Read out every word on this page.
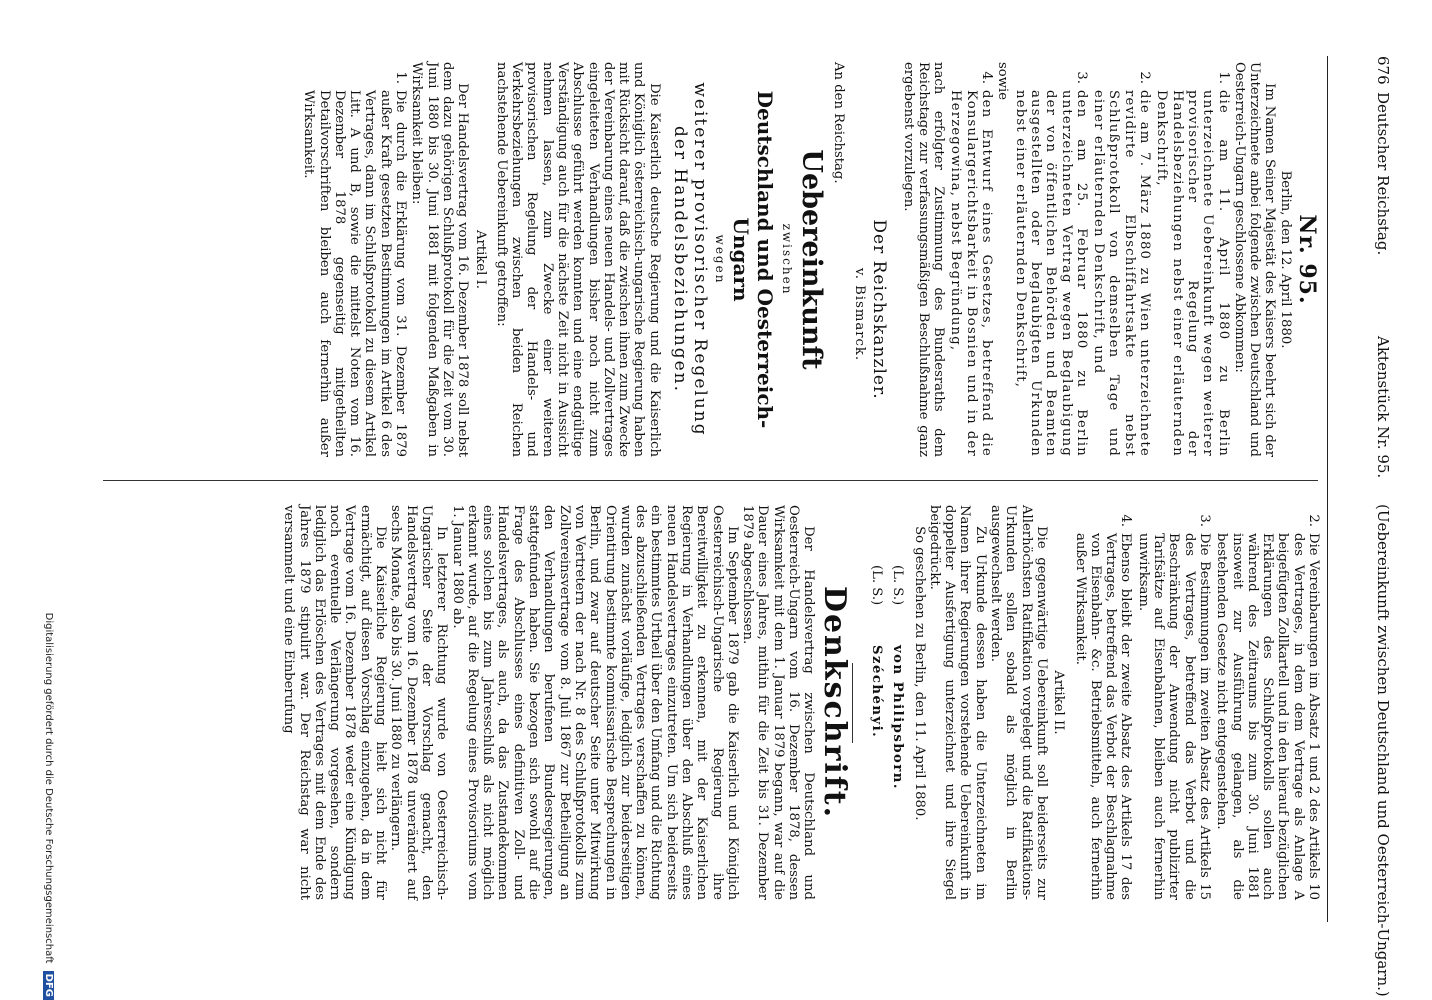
676
Deutscher Reichstag.
Aktenstück Nr. 95.
(Uebereinkunft zwischen Deutschland und Oesterreich-Ungarn.)
Nr. 95.

Berlin, den 12. April 1880.

Im Namen Seiner Majestät des Kaisers beehrt sich der Unterzeichnete anbei folgende zwischen Deutschland und Oesterreich-Ungarn geschlossene Abkommen:

1.
die am 11. April 1880 zu Berlin unterzeichnete Uebereinkunft wegen weiterer provisorischer Regelung der Handelsbeziehungen nebst einer erläuternden Denkschrift,
2.
die am 7. März 1880 zu Wien unterzeichnete revidirte Elbschiffahrtsakte nebst Schlußprotokoll von demselben Tage und einer erläuternden Denkschrift, und
3.
den am 25. Februar 1880 zu Berlin unterzeichneten Vertrag wegen Beglaubigung der von öffentlichen Behörden und Beamten ausgestellten oder beglaubigten Urkunden nebst einer erläuternden Denkschrift,

sowie

4.
den Entwurf eines Gesetzes, betreffend die Konsulargerichtsbarkeit in Bosnien und in der Herzegowina, nebst Begründung,

nach erfolgter Zustimmung des Bundesraths dem Reichstage zur verfassungsmäßigen Beschlußnahme ganz ergebenst vorzulegen.

Der Reichskanzler.
v. Bismarck.

An den Reichstag.

Uebereinkunft
zwischen
Deutschland und Oesterreich-Ungarn
wegen
weiterer provisorischer Regelung der Handelsbeziehungen.

Die Kaiserlich deutsche Regierung und die Kaiserlich und Königlich österreichisch-ungarische Regierung haben mit Rücksicht darauf, daß die zwischen ihnen zum Zwecke der Vereinbarung eines neuen Handels- und Zollvertrages eingeleiteten Verhandlungen bisher noch nicht zum Abschlusse geführt werden konnten und eine endgültige Verständigung auch für die nächste Zeit nicht in Aussicht nehmen lassen, zum Zwecke einer weiteren provisorischen Regelung der Handels- und Verkehrsbeziehungen zwischen beiden Reichen nachstehende Uebereinkunft getroffen:

Artikel I.

Der Handelsvertrag vom 16. Dezember 1878 soll nebst dem dazu gehörigen Schlußprotokoll für die Zeit vom 30. Juni 1880 bis 30. Juni 1881 mit folgenden Maßgaben in Wirksamkeit bleiben:

1.
Die durch die Erklärung vom 31. Dezember 1879 außer Kraft gesetzten Bestimmungen im Artikel 6 des Vertrages, dann im Schlußprotokoll zu diesem Artikel Litt. A und B, sowie die mittelst Noten vom 16. Dezember 1878 gegenseitig mitgetheilten Detailvorschriften bleiben auch fernerhin außer Wirksamkeit.
2.
Die Vereinbarungen im Absatz 1 und 2 des Artikels 10 des Vertrages, in dem dem Vertrage als Anlage A beigefügten Zollkartell und in den hierauf bezüglichen Erklärungen des Schlußprotokolls sollen auch während des Zeitraums bis zum 30. Juni 1881 insoweit zur Ausführung gelangen, als die bestehenden Gesetze nicht entgegenstehen.
3.
Die Bestimmungen im zweiten Absatz des Artikels 15 des Vertrages, betreffend das Verbot und die Beschränkung der Anwendung nicht publizirter Tarifsätze auf Eisenbahnen, bleiben auch fernerhin unwirksam.
4.
Ebenso bleibt der zweite Absatz des Artikels 17 des Vertrages, betreffend das Verbot der Beschlagnahme von Eisenbahn- &c. Betriebsmitteln, auch fernerhin außer Wirksamkeit.

Artikel II.

Die gegenwärtige Uebereinkunft soll beiderseits zur Allerhöchsten Ratifikation vorgelegt und die Ratifikations-Urkunden sollen sobald als möglich in Berlin ausgewechselt werden.

Zu Urkunde dessen haben die Unterzeichneten im Namen ihrer Regierungen vorstehende Uebereinkunft in doppelter Ausfertigung unterzeichnet und ihre Siegel beigedrückt.

So geschehen zu Berlin, den 11. April 1880.

(L. S.)
von Philipsborn.
(L. S.)
Széchényi.
Denkschrift.

Der Handelsvertrag zwischen Deutschland und Oesterreich-Ungarn vom 16. Dezember 1878, dessen Wirksamkeit mit dem 1. Januar 1879 begann, war auf die Dauer eines Jahres, mithin für die Zeit bis 31. Dezember 1879 abgeschlossen.

Im September 1879 gab die Kaiserlich und Königlich Oesterreichisch-Ungarische Regierung ihre Bereitwilligkeit zu erkennen, mit der Kaiserlichen Regierung in Verhandlungen über den Abschluß eines neuen Handelsvertrages einzutreten. Um sich beiderseits ein bestimmtes Urtheil über den Umfang und die Richtung des abzuschließenden Vertrages verschaffen zu können, wurden zunächst vorläufige, lediglich zur beiderseitigen Orientirung bestimmte kommissarische Besprechungen in Berlin, und zwar auf deutscher Seite unter Mitwirkung von Vertretern der nach Nr. 8 des Schlußprotokolls zum Zollvereinsvertrage vom 8. Juli 1867 zur Betheiligung an den Verhandlungen berufenen Bundesregierungen, stattgefunden haben. Sie bezogen sich sowohl auf die Frage des Abschlusses eines definitiven Zoll- und Handelsvertrages, als auch, da das Zustandekommen eines solchen bis zum Jahresschluß als nicht möglich erkannt wurde, auf die Regelung eines Provisoriums vom 1. Januar 1880 ab.

In letzterer Richtung wurde von Oesterreichisch-Ungarischer Seite der Vorschlag gemacht, den Handelsvertrag vom 16. Dezember 1878 unverändert auf sechs Monate, also bis 30. Juni 1880 zu verlängern.

Die Kaiserliche Regierung hielt sich nicht für ermächtigt, auf diesen Vorschlag einzugehen, da in dem Vertrage vom 16. Dezember 1878 weder eine Kündigung noch eventuelle Verlängerung vorgesehen, sondern lediglich das Erlöschen des Vertrages mit dem Ende des Jahres 1879 stipulirt war. Der Reichstag war nicht versammelt und eine Einberufung

Digitalisierung gefördert durch die Deutsche Forschungsgemeinschaft DFG
